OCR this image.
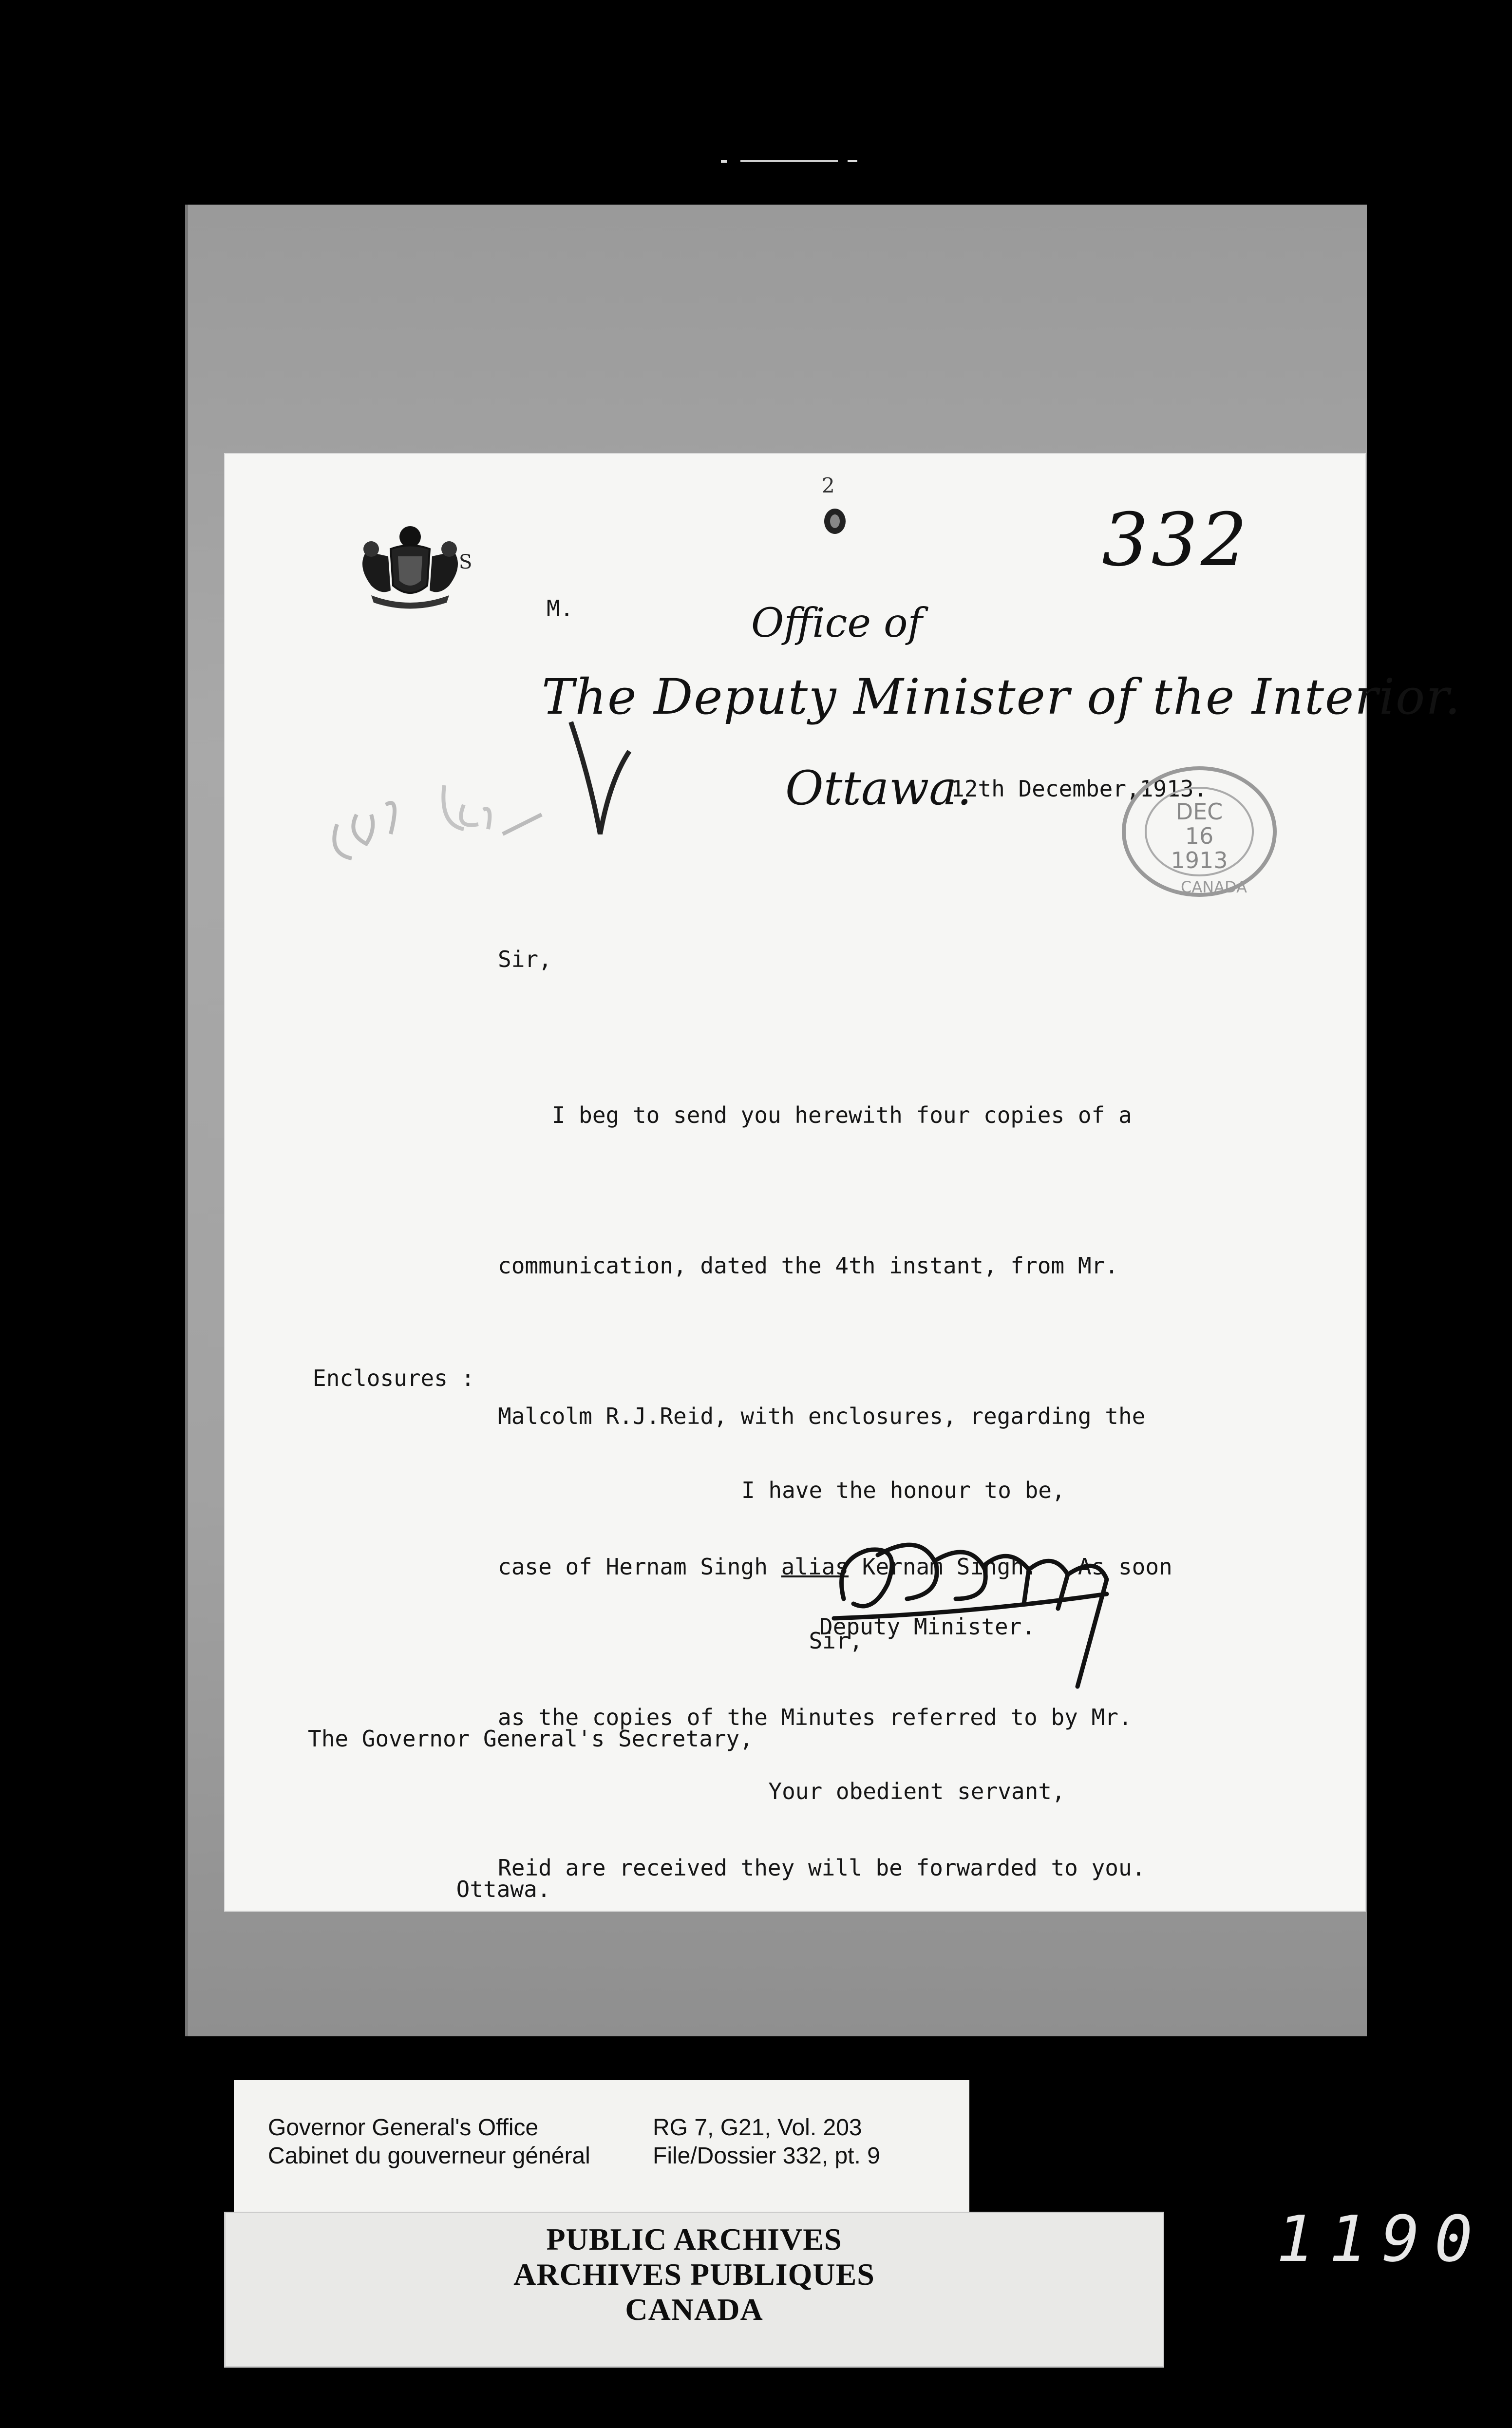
S
2
332
M.	Office of
The Deputy Minister of the Interior.
Ottawa.
12th December,1913.
DEC
16
1913
CANADA
Sir,

I beg to send you herewith four copies of a

communication, dated the 4th instant, from Mr.

Malcolm R.J.Reid, with enclosures, regarding the

case of Hernam Singh alias Kernam Singh.   As soon

as the copies of the Minutes referred to by Mr.

Reid are received they will be forwarded to you.

Enclosures :

I have the honour to be,

Sir,

Your obedient servant,

The Governor General's Secretary,

Ottawa.

Deputy Minister.
Governor General's Office
Cabinet du gouverneur général
RG 7, G21, Vol. 203
File/Dossier 332, pt. 9
PUBLIC ARCHIVES
ARCHIVES PUBLIQUES
CANADA
1190
